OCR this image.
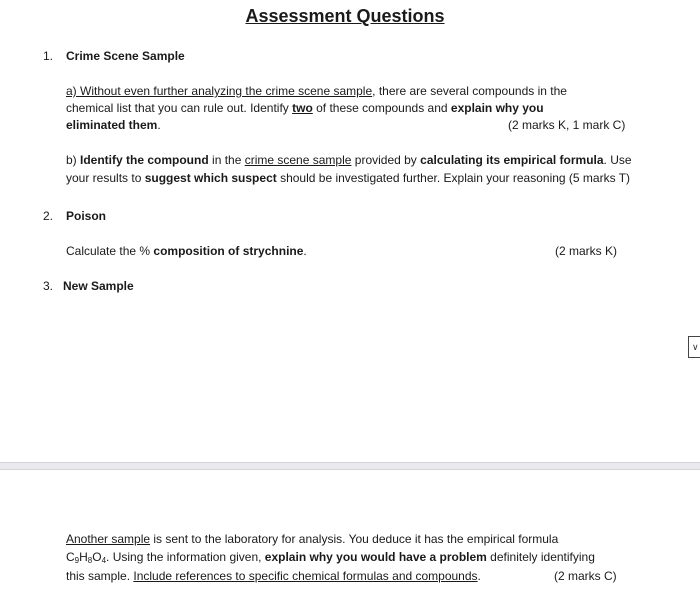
Assessment Questions
1. Crime Scene Sample
a) Without even further analyzing the crime scene sample, there are several compounds in the
chemical list that you can rule out. Identify two of these compounds and explain why you
eliminated them.	(2 marks K, 1 mark C)
b) Identify the compound in the crime scene sample provided by calculating its empirical formula. Use
your results to suggest which suspect should be investigated further. Explain your reasoning (5 marks T)
2. Poison
Calculate the % composition of strychnine.	(2 marks K)
3. New Sample
∨
Another sample is sent to the laboratory for analysis. You deduce it has the empirical formula
$C_9H_8O_4$. Using the information given, explain why you would have a problem definitely identifying
this sample. Include references to specific chemical formulas and compounds.	(2 marks C)
